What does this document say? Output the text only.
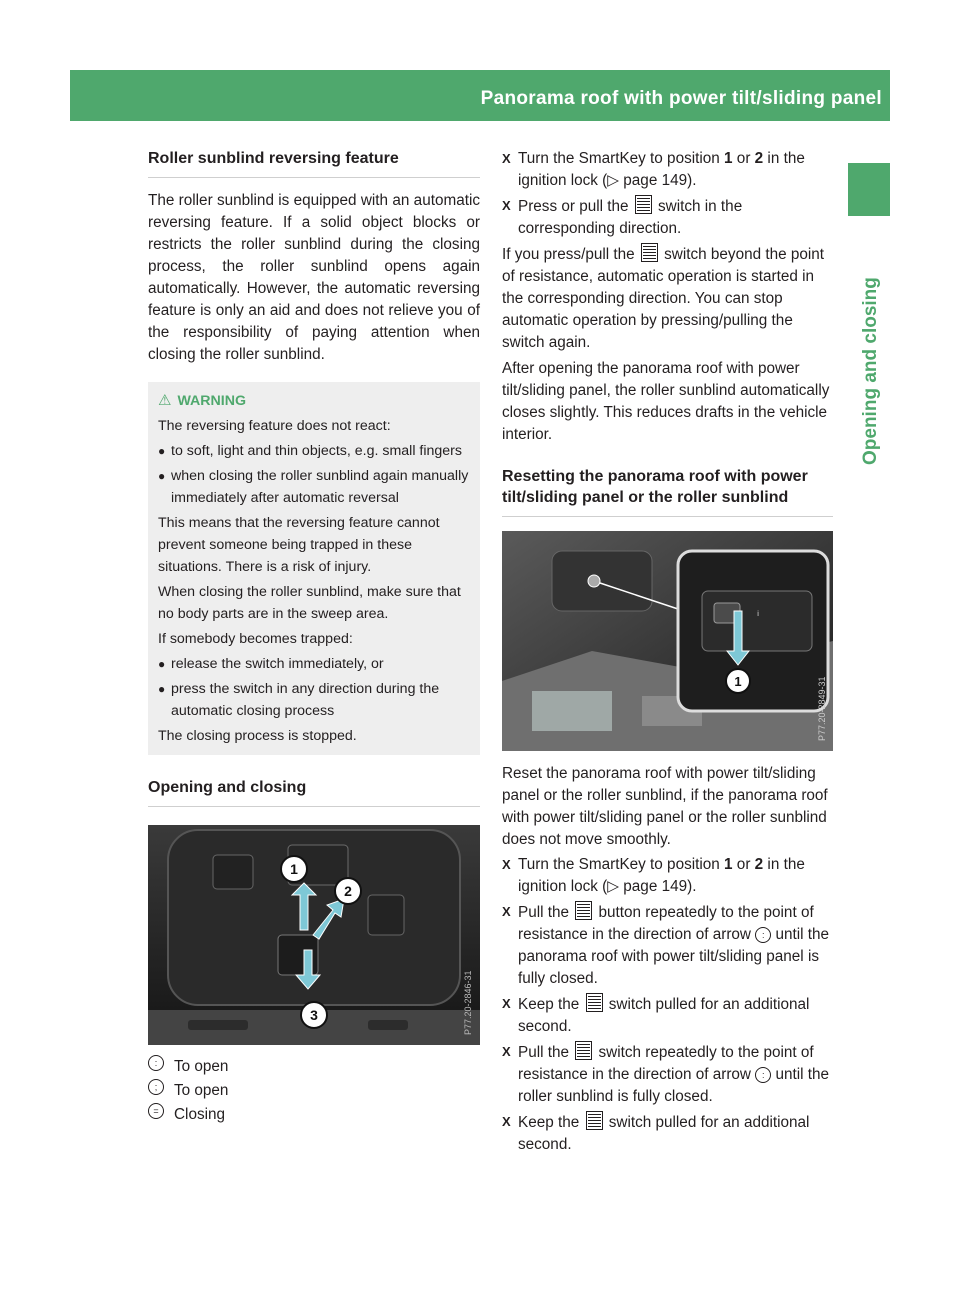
Panorama roof with power tilt/sliding panel 97
Opening and closing
Roller sunblind reversing feature

The roller sunblind is equipped with an automatic reversing feature. If a solid object blocks or restricts the roller sunblind during the closing process, the roller sunblind opens again automatically. However, the automatic reversing feature is only an aid and does not relieve you of the responsibility of paying attention when closing the roller sunblind.

⚠ WARNING

The reversing feature does not react:

● to soft, light and thin objects, e.g. small fingers
● when closing the roller sunblind again manually immediately after automatic reversal

This means that the reversing feature cannot prevent someone being trapped in these situations. There is a risk of injury.

When closing the roller sunblind, make sure that no body parts are in the sweep area.

If somebody becomes trapped:

● release the switch immediately, or
● press the switch in any direction during the automatic closing process

The closing process is stopped.

Opening and closing
1
2
3	P77.20-2846-31
:	To open
;	To open
=	Closing
X Turn the SmartKey to position 1 or 2 in the ignition lock (▷ page 149).
X Press or pull the  switch in the corresponding direction.

If you press/pull the  switch beyond the point of resistance, automatic operation is started in the corresponding direction. You can stop automatic operation by pressing/pulling the switch again.

After opening the panorama roof with power tilt/sliding panel, the roller sunblind automatically closes slightly. This reduces drafts in the vehicle interior.

Resetting the panorama roof with power tilt/sliding panel or the roller sunblind
ᵢ
1	P77.20-2849-31

Reset the panorama roof with power tilt/sliding panel or the roller sunblind, if the panorama roof with power tilt/sliding panel or the roller sunblind does not move smoothly.

X Turn the SmartKey to position 1 or 2 in the ignition lock (▷ page 149).
X Pull the  button repeatedly to the point of resistance in the direction of arrow : until the panorama roof with power tilt/sliding panel is fully closed.
X Keep the  switch pulled for an additional second.
X Pull the  switch repeatedly to the point of resistance in the direction of arrow : until the roller sunblind is fully closed.
X Keep the  switch pulled for an additional second.
